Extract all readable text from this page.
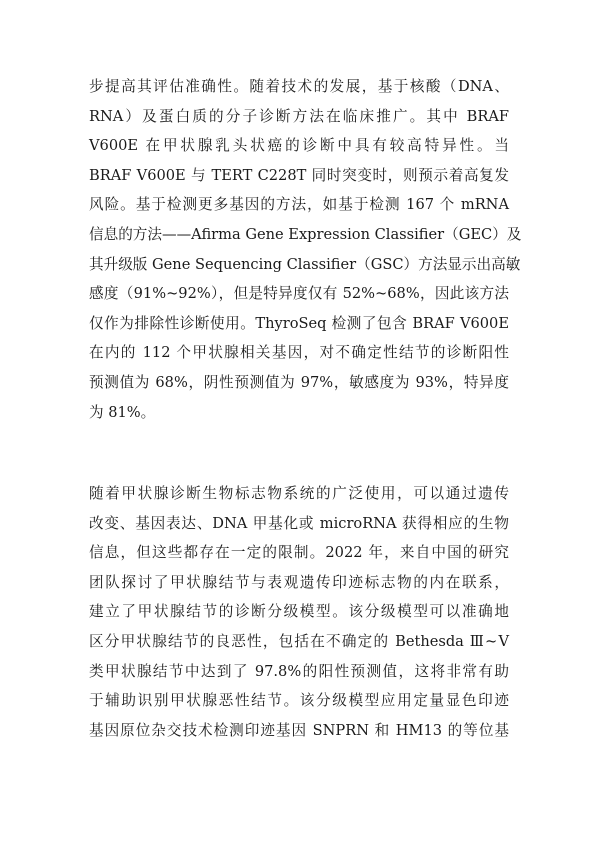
步提高其评估准确性。随着技术的发展，基于核酸（DNA、
RNA）及蛋白质的分子诊断方法在临床推广。其中 BRAF
V600E 在甲状腺乳头状癌的诊断中具有较高特异性。当
BRAF V600E 与 TERT C228T 同时突变时，则预示着高复发
风险。基于检测更多基因的方法，如基于检测 167 个 mRNA
信息的方法——Afirma Gene Expression Classifier（GEC）及
其升级版 Gene Sequencing Classifier（GSC）方法显示出高敏
感度（91%~92%），但是特异度仅有 52%~68%，因此该方法
仅作为排除性诊断使用。ThyroSeq 检测了包含 BRAF V600E
在内的 112 个甲状腺相关基因，对不确定性结节的诊断阳性
预测值为 68%，阴性预测值为 97%，敏感度为 93%，特异度
为 81%。
随着甲状腺诊断生物标志物系统的广泛使用，可以通过遗传
改变、基因表达、DNA 甲基化或 microRNA 获得相应的生物
信息，但这些都存在一定的限制。2022 年，来自中国的研究
团队探讨了甲状腺结节与表观遗传印迹标志物的内在联系，
建立了甲状腺结节的诊断分级模型。该分级模型可以准确地
区分甲状腺结节的良恶性，包括在不确定的 Bethesda Ⅲ~Ⅴ
类甲状腺结节中达到了 97.8%的阳性预测值，这将非常有助
于辅助识别甲状腺恶性结节。该分级模型应用定量显色印迹
基因原位杂交技术检测印迹基因 SNPRN 和 HM13 的等位基
